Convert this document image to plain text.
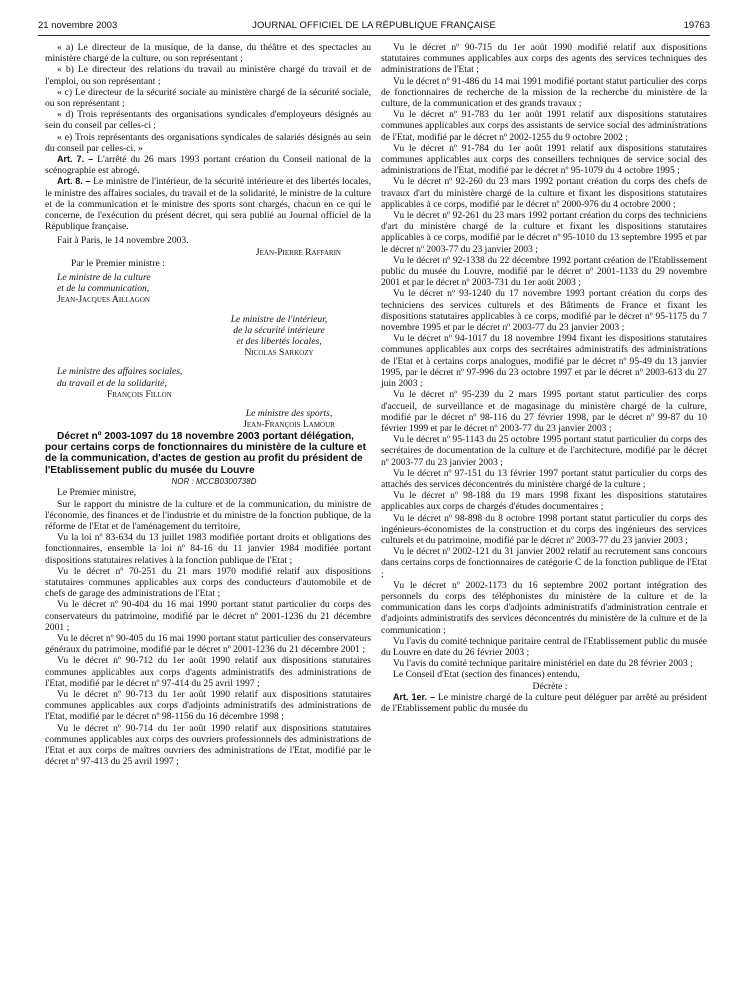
21 novembre 2003	JOURNAL OFFICIEL DE LA RÉPUBLIQUE FRANÇAISE	19763

« a) Le directeur de la musique, de la danse, du théâtre et des spectacles au ministère chargé de la culture, ou son représentant ;

« b) Le directeur des relations du travail au ministère chargé du travail et de l'emploi, ou son représentant ;

« c) Le directeur de la sécurité sociale au ministère chargé de la sécurité sociale, ou son représentant ;

« d) Trois représentants des organisations syndicales d'employeurs désignés au sein du conseil par celles-ci ;

« e) Trois représentants des organisations syndicales de salariés désignés au sein du conseil par celles-ci. »

Art. 7. – L'arrêté du 26 mars 1993 portant création du Conseil national de la scénographie est abrogé.

Art. 8. – Le ministre de l'intérieur, de la sécurité intérieure et des libertés locales, le ministre des affaires sociales, du travail et de la solidarité, le ministre de la culture et de la communication et le ministre des sports sont chargés, chacun en ce qui le concerne, de l'exécution du présent décret, qui sera publié au Journal officiel de la République française.

Fait à Paris, le 14 novembre 2003.

Jean-Pierre Raffarin

Par le Premier ministre :

Le ministre de la culture

et de la communication,

Jean-Jacques Aillagon

Le ministre de l'intérieur,

de la sécurité intérieure

et des libertés locales,

Nicolas Sarkozy

Le ministre des affaires sociales,

du travail et de la solidarité,

François Fillon

Le ministre des sports,

Jean-François Lamour

Décret nº 2003-1097 du 18 novembre 2003 portant délégation, pour certains corps de fonctionnaires du ministère de la culture et de la communication, d'actes de gestion au profit du président de l'Etablissement public du musée du Louvre

NOR : MCCB0300738D

Le Premier ministre,

Sur le rapport du ministre de la culture et de la communication, du ministre de l'économie, des finances et de l'industrie et du ministre de la fonction publique, de la réforme de l'Etat et de l'aménagement du territoire,

Vu la loi nº 83-634 du 13 juillet 1983 modifiée portant droits et obligations des fonctionnaires, ensemble la loi nº 84-16 du 11 janvier 1984 modifiée portant dispositions statutaires relatives à la fonction publique de l'Etat ;

Vu le décret nº 70-251 du 21 mars 1970 modifié relatif aux dispositions statutaires communes applicables aux corps des conducteurs d'automobile et de chefs de garage des administrations de l'Etat ;

Vu le décret nº 90-404 du 16 mai 1990 portant statut particulier du corps des conservateurs du patrimoine, modifié par le décret nº 2001-1236 du 21 décembre 2001 ;

Vu le décret nº 90-405 du 16 mai 1990 portant statut particulier des conservateurs généraux du patrimoine, modifié par le décret nº 2001-1236 du 21 décembre 2001 ;

Vu le décret nº 90-712 du 1er août 1990 relatif aux dispositions statutaires communes applicables aux corps d'agents administratifs des administrations de l'Etat, modifié par le décret nº 97-414 du 25 avril 1997 ;

Vu le décret nº 90-713 du 1er août 1990 relatif aux dispositions statutaires communes applicables aux corps d'adjoints administratifs des administrations de l'Etat, modifié par le décret nº 98-1156 du 16 décembre 1998 ;

Vu le décret nº 90-714 du 1er août 1990 relatif aux dispositions statutaires communes applicables aux corps des ouvriers professionnels des administrations de l'Etat et aux corps de maîtres ouvriers des administrations de l'Etat, modifié par le décret nº 97-413 du 25 avril 1997 ;

Vu le décret nº 90-715 du 1er août 1990 modifié relatif aux dispositions statutaires communes applicables aux corps des agents des services techniques des administrations de l'Etat ;

Vu le décret nº 91-486 du 14 mai 1991 modifié portant statut particulier des corps de fonctionnaires de recherche de la mission de la recherche du ministère de la culture, de la communication et des grands travaux ;

Vu le décret nº 91-783 du 1er août 1991 relatif aux dispositions statutaires communes applicables aux corps des assistants de service social des administrations de l'Etat, modifié par le décret nº 2002-1255 du 9 octobre 2002 ;

Vu le décret nº 91-784 du 1er août 1991 relatif aux dispositions statutaires communes applicables aux corps des conseillers techniques de service social des administrations de l'Etat, modifié par le décret nº 95-1079 du 4 octobre 1995 ;

Vu le décret nº 92-260 du 23 mars 1992 portant création du corps des chefs de travaux d'art du ministère chargé de la culture et fixant les dispositions statutaires applicables à ce corps, modifié par le décret nº 2000-976 du 4 octobre 2000 ;

Vu le décret nº 92-261 du 23 mars 1992 portant création du corps des techniciens d'art du ministère chargé de la culture et fixant les dispositions statutaires applicables à ce corps, modifié par le décret nº 95-1010 du 13 septembre 1995 et par le décret nº 2003-77 du 23 janvier 2003 ;

Vu le décret nº 92-1338 du 22 décembre 1992 portant création de l'Etablissement public du musée du Louvre, modifié par le décret nº 2001-1133 du 29 novembre 2001 et par le décret nº 2003-731 du 1er août 2003 ;

Vu le décret nº 93-1240 du 17 novembre 1993 portant création du corps des techniciens des services culturels et des Bâtiments de France et fixant les dispositions statutaires applicables à ce corps, modifié par le décret nº 95-1175 du 7 novembre 1995 et par le décret nº 2003-77 du 23 janvier 2003 ;

Vu le décret nº 94-1017 du 18 novembre 1994 fixant les dispositions statutaires communes applicables aux corps des secrétaires administratifs des administrations de l'Etat et à certains corps analogues, modifié par le décret nº 95-49 du 13 janvier 1995, par le décret nº 97-996 du 23 octobre 1997 et par le décret nº 2003-613 du 27 juin 2003 ;

Vu le décret nº 95-239 du 2 mars 1995 portant statut particulier des corps d'accueil, de surveillance et de magasinage du ministère chargé de la culture, modifié par le décret nº 98-116 du 27 février 1998, par le décret nº 99-87 du 10 février 1999 et par le décret nº 2003-77 du 23 janvier 2003 ;

Vu le décret nº 95-1143 du 25 octobre 1995 portant statut particulier du corps des secrétaires de documentation de la culture et de l'architecture, modifié par le décret nº 2003-77 du 23 janvier 2003 ;

Vu le décret nº 97-151 du 13 février 1997 portant statut particulier du corps des attachés des services déconcentrés du ministère chargé de la culture ;

Vu le décret nº 98-188 du 19 mars 1998 fixant les dispositions statutaires applicables aux corps de chargés d'études documentaires ;

Vu le décret nº 98-898 du 8 octobre 1998 portant statut particulier du corps des ingénieurs-économistes de la construction et du corps des ingénieurs des services culturels et du patrimoine, modifié par le décret nº 2003-77 du 23 janvier 2003 ;

Vu le décret nº 2002-121 du 31 janvier 2002 relatif au recrutement sans concours dans certains corps de fonctionnaires de catégorie C de la fonction publique de l'Etat ;

Vu le décret nº 2002-1173 du 16 septembre 2002 portant intégration des personnels du corps des téléphonistes du ministère de la culture et de la communication dans les corps d'adjoints administratifs d'administration centrale et d'adjoints administratifs des services déconcentrés du ministère de la culture et de la communication ;

Vu l'avis du comité technique paritaire central de l'Etablissement public du musée du Louvre en date du 26 février 2003 ;

Vu l'avis du comité technique paritaire ministériel en date du 28 février 2003 ;

Le Conseil d'Etat (section des finances) entendu,

Décrète :

Art. 1er. – Le ministre chargé de la culture peut déléguer par arrêté au président de l'Etablissement public du musée du
